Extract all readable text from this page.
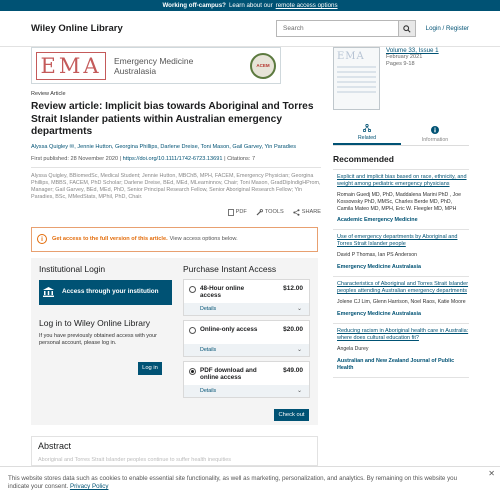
Working off-campus? Learn about our remote access options
Wiley Online Library	Search	Login / Register
EMA	Emergency Medicine
Australasia	ACEM
Review Article
Review article: Implicit bias towards Aboriginal and Torres Strait Islander patients within Australian emergency departments
Alyssa Quigley ✉, Jennie Hutton, Georgina Phillips, Darlene Dreise, Toni Mason, Gail Garvey, Yin Paradies
First published: 28 November 2020 | https://doi.org/10.1111/1742-6723.13691 | Citations: 7
Alyssa Quigley, BBiomedSc, Medical Student; Jennie Hutton, MBChB, MPH, FACEM, Emergency Physician; Georgina Phillips, MBBS, FACEM, PhD Scholar; Darlene Dreise, BEd, MEd, MLearninnov, Chair; Toni Mason, GradDipIndigHProm, Manager; Gail Garvey, BEd, MEd, PhD, Senior Principal Research Fellow, Senior Aboriginal Research Fellow; Yin Paradies, BSc, MMedStats, MPhil, PhD, Chair.
PDF	TOOLS	SHARE
i	Get access to the full version of this article. View access options below.
Institutional Login
Access through your institution
Log in to Wiley Online Library
If you have previously obtained access with your personal account, please log in.
Log in
Purchase Instant Access
48-Hour online access
$12.00
Details	⌄
Online-only access	$20.00
Details	⌄
PDF download and online access
$49.00
Details	⌄
Check out
Abstract
Aboriginal and Torres Strait Islander peoples continue to suffer health inequities
EMA
Volume 33, Issue 1
February 2021
Pages 9-18
Related	Information
Recommended
Explicit and implicit bias based on race, ethnicity, and weight among pediatric emergency physicians
Romain Guedj MD, PhD, Maddalena Marini PhD , Joe Kossowsky PhD, MMSc, Charles Berde MD, PhD, Camila Mateo MD, MPH, Eric W. Fleegler MD, MPH
Academic Emergency Medicine
Use of emergency departments by Aboriginal and Torres Strait Islander people
David P Thomas, Ian PS Anderson
Emergency Medicine Australasia
Characteristics of Aboriginal and Torres Strait Islander peoples attending Australian emergency departments
Jolene CJ Lim, Glenn Harrison, Noel Raos, Katie Moore
Emergency Medicine Australasia
Reducing racism in Aboriginal health care in Australia: where does cultural education fit?
Angela Durey
Australian and New Zealand Journal of Public Health
✕
This website stores data such as cookies to enable essential site functionality, as well as marketing, personalization, and analytics. By remaining on this website you indicate your consent. Privacy Policy
